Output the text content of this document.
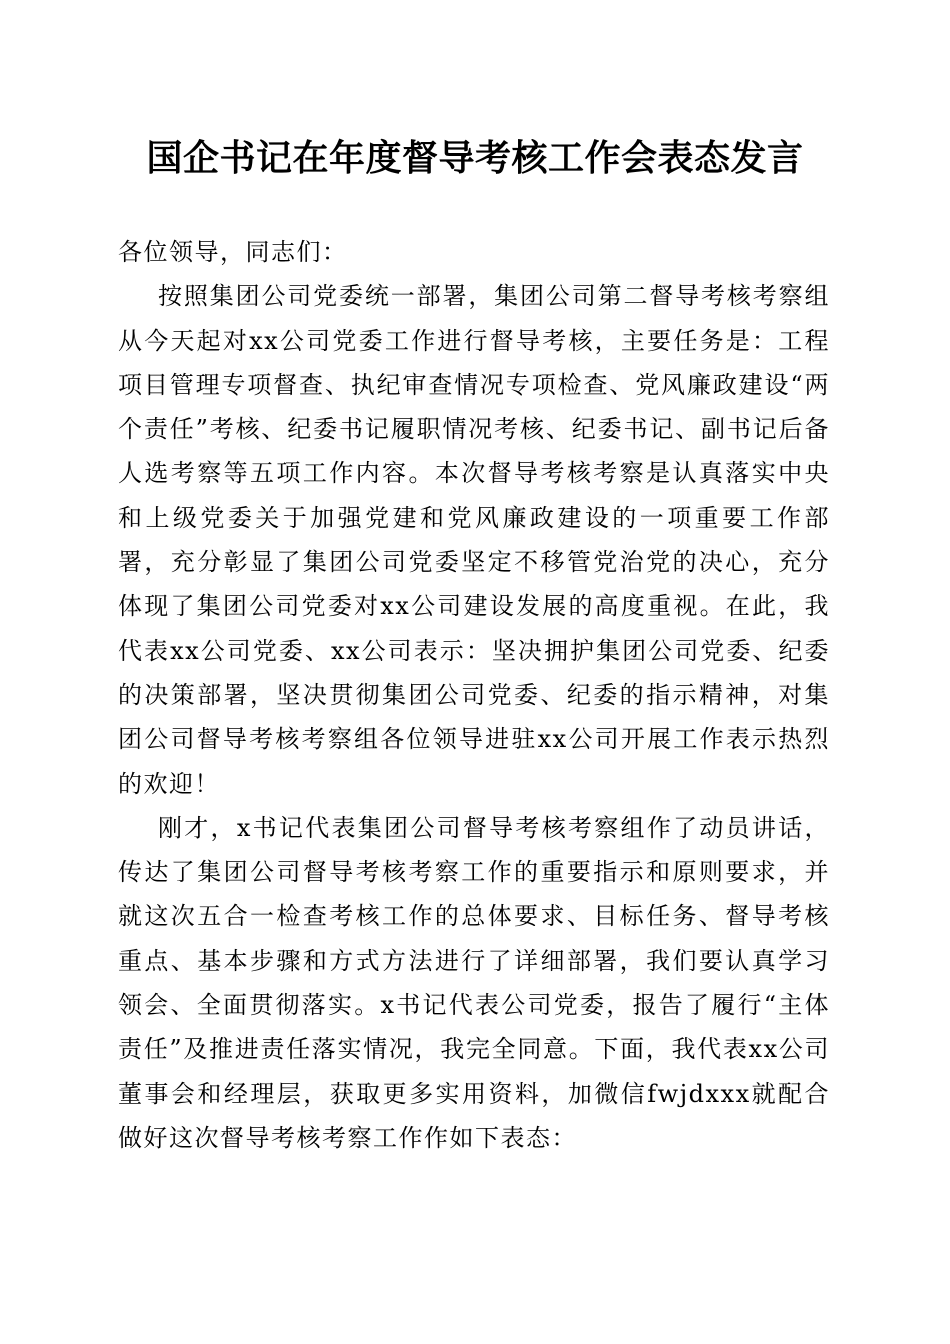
国企书记在年度督导考核工作会表态发言

各位领导，同志们：

按照集团公司党委统一部署，集团公司第二督导考核考察组从今天起对xx公司党委工作进行督导考核，主要任务是：工程项目管理专项督查、执纪审查情况专项检查、党风廉政建设“两个责任”考核、纪委书记履职情况考核、纪委书记、副书记后备人选考察等五项工作内容。本次督导考核考察是认真落实中央和上级党委关于加强党建和党风廉政建设的一项重要工作部署，充分彰显了集团公司党委坚定不移管党治党的决心，充分体现了集团公司党委对xx公司建设发展的高度重视。在此，我代表xx公司党委、xx公司表示：坚决拥护集团公司党委、纪委的决策部署，坚决贯彻集团公司党委、纪委的指示精神，对集团公司督导考核考察组各位领导进驻xx公司开展工作表示热烈的欢迎！

刚才，x书记代表集团公司督导考核考察组作了动员讲话，传达了集团公司督导考核考察工作的重要指示和原则要求，并就这次五合一检查考核工作的总体要求、目标任务、督导考核重点、基本步骤和方式方法进行了详细部署，我们要认真学习领会、全面贯彻落实。x书记代表公司党委，报告了履行“主体责任”及推进责任落实情况，我完全同意。下面，我代表xx公司董事会和经理层，获取更多实用资料，加微信fwjdxxx就配合做好这次督导考核考察工作作如下表态：
